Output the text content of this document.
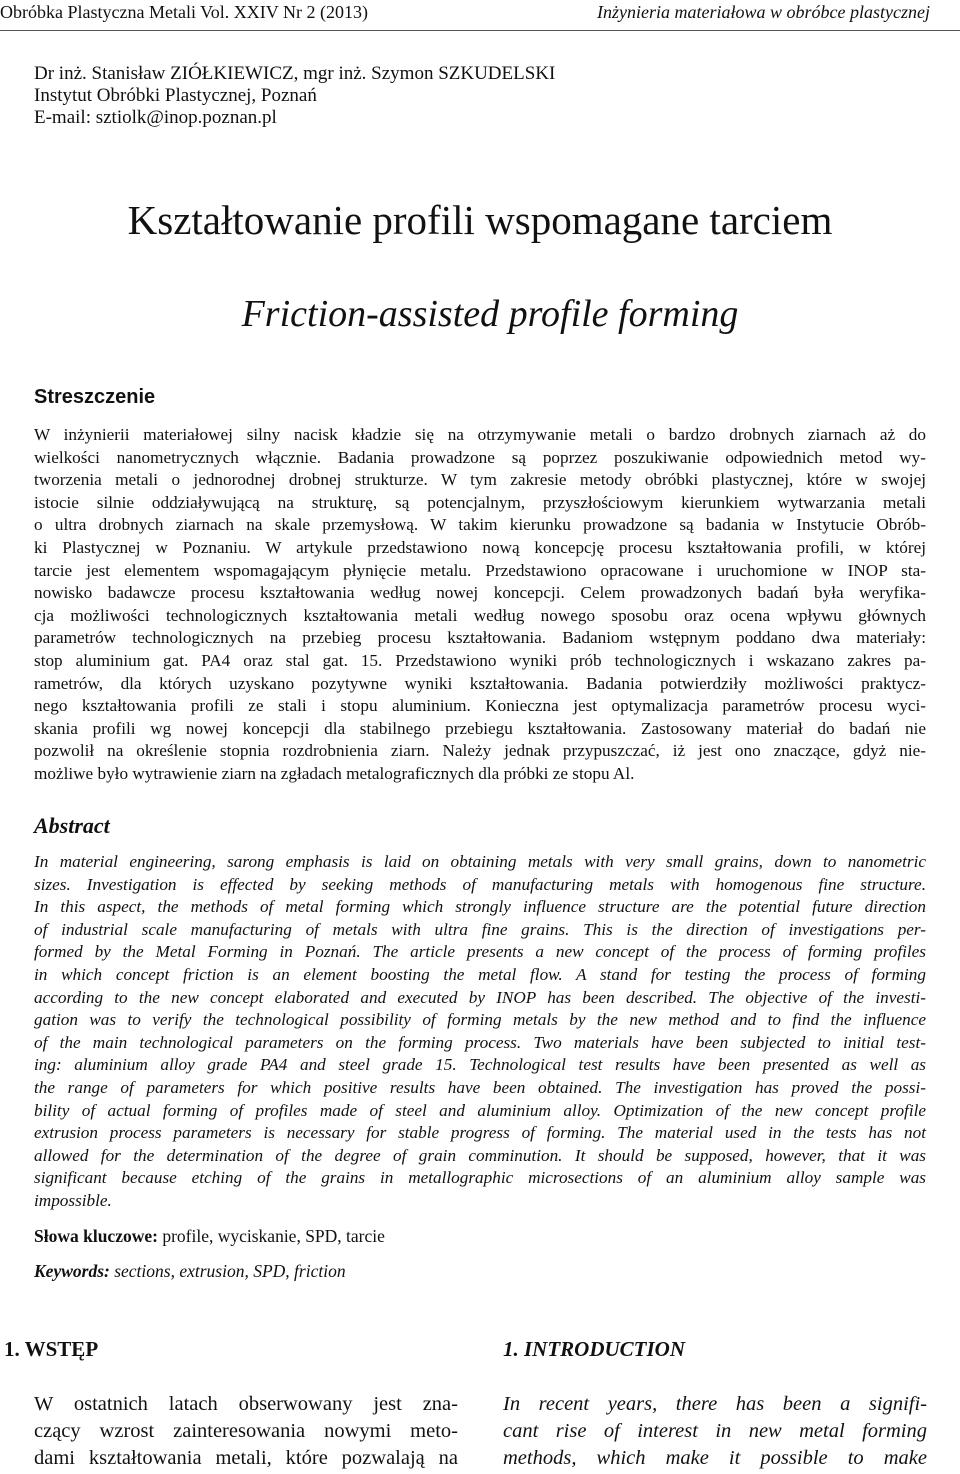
Obróbka Plastyczna Metali Vol. XXIV Nr 2 (2013)	Inżynieria materiałowa w obróbce plastycznej
Dr inż. Stanisław ZIÓŁKIEWICZ, mgr inż. Szymon SZKUDELSKI
Instytut Obróbki Plastycznej, Poznań
E-mail: sztiolk@inop.poznan.pl
Kształtowanie profili wspomagane tarciem
Friction-assisted profile forming
Streszczenie
W inżynierii materiałowej silny nacisk kładzie się na otrzymywanie metali o bardzo drobnych ziarnach aż do
wielkości nanometrycznych włącznie. Badania prowadzone są poprzez poszukiwanie odpowiednich metod wy-
tworzenia metali o jednorodnej drobnej strukturze. W tym zakresie metody obróbki plastycznej, które w swojej
istocie silnie oddziaływującą na strukturę, są potencjalnym, przyszłościowym kierunkiem wytwarzania metali
o ultra drobnych ziarnach na skale przemysłową. W takim kierunku prowadzone są badania w Instytucie Obrób-
ki Plastycznej w Poznaniu. W artykule przedstawiono nową koncepcję procesu kształtowania profili, w której
tarcie jest elementem wspomagającym płynięcie metalu. Przedstawiono opracowane i uruchomione w INOP sta-
nowisko badawcze procesu kształtowania według nowej koncepcji. Celem prowadzonych badań była weryfika-
cja możliwości technologicznych kształtowania metali według nowego sposobu oraz ocena wpływu głównych
parametrów technologicznych na przebieg procesu kształtowania. Badaniom wstępnym poddano dwa materiały:
stop aluminium gat. PA4 oraz stal gat. 15. Przedstawiono wyniki prób technologicznych i wskazano zakres pa-
rametrów, dla których uzyskano pozytywne wyniki kształtowania. Badania potwierdziły możliwości praktycz-
nego kształtowania profili ze stali i stopu aluminium. Konieczna jest optymalizacja parametrów procesu wyci-
skania profili wg nowej koncepcji dla stabilnego przebiegu kształtowania. Zastosowany materiał do badań nie
pozwolił na określenie stopnia rozdrobnienia ziarn. Należy jednak przypuszczać, iż jest ono znaczące, gdyż nie-
możliwe było wytrawienie ziarn na zgładach metalograficznych dla próbki ze stopu Al.
Abstract
In material engineering, sarong emphasis is laid on obtaining metals with very small grains, down to nanometric
sizes. Investigation is effected by seeking methods of manufacturing metals with homogenous fine structure.
In this aspect, the methods of metal forming which strongly influence structure are the potential future direction
of industrial scale manufacturing of metals with ultra fine grains. This is the direction of investigations per-
formed by the Metal Forming in Poznań. The article presents a new concept of the process of forming profiles
in which concept friction is an element boosting the metal flow. A stand for testing the process of forming
according to the new concept elaborated and executed by INOP has been described. The objective of the investi-
gation was to verify the technological possibility of forming metals by the new method and to find the influence
of the main technological parameters on the forming process. Two materials have been subjected to initial test-
ing: aluminium alloy grade PA4 and steel grade 15. Technological test results have been presented as well as
the range of parameters for which positive results have been obtained. The investigation has proved the possi-
bility of actual forming of profiles made of steel and aluminium alloy. Optimization of the new concept profile
extrusion process parameters is necessary for stable progress of forming. The material used in the tests has not
allowed for the determination of the degree of grain comminution. It should be supposed, however, that it was
significant because etching of the grains in metallographic microsections of an aluminium alloy sample was
impossible.
Słowa kluczowe: profile, wyciskanie, SPD, tarcie
Keywords: sections, extrusion, SPD, friction
1. WSTĘP	1. INTRODUCTION
W ostatnich latach obserwowany jest zna-
czący wzrost zainteresowania nowymi meto-
dami kształtowania metali, które pozwalają na
In recent years, there has been a signifi-
cant rise of interest in new metal forming
methods, which make it possible to make
